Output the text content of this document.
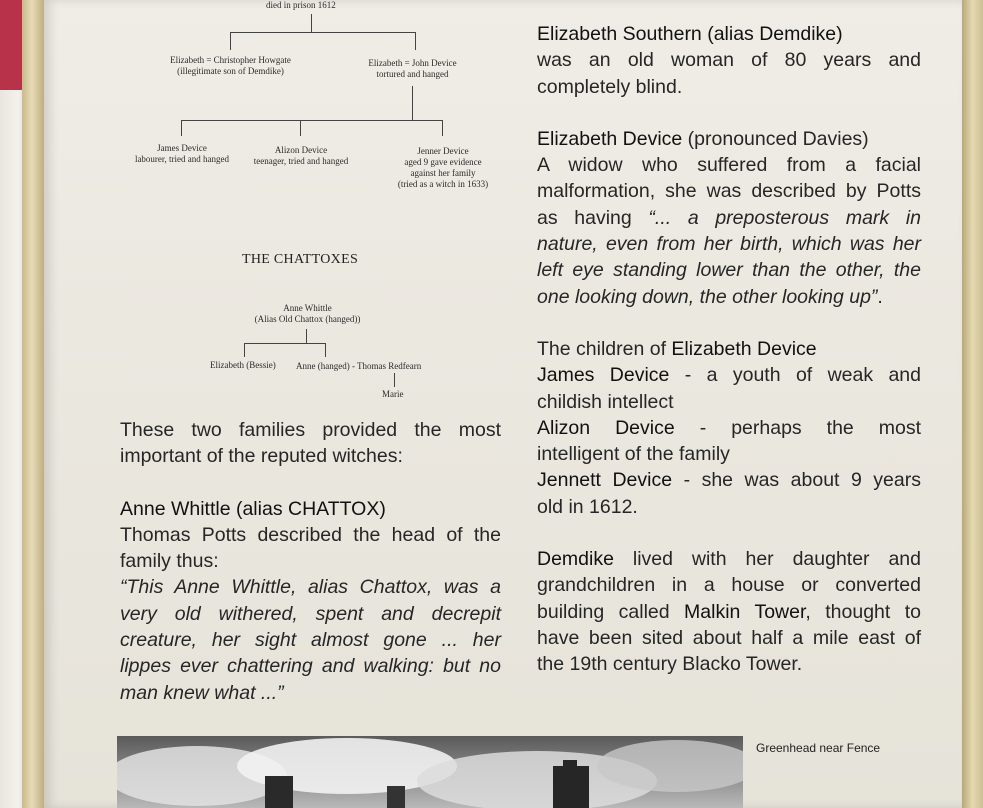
died in prison 1612
Elizabeth = Christopher Howgate
(illegitimate son of Demdike)
Elizabeth = John Device
tortured and hanged
James Device
labourer, tried and hanged
Alizon Device
teenager, tried and hanged
Jenner Device
aged 9 gave evidence
against her family
(tried as a witch in 1633)
THE CHATTOXES
Anne Whittle
(Alias Old Chattox (hanged))
Elizabeth (Bessie) Anne (hanged) - Thomas Redfearn
Marie

These two families provided the most

important of the reputed witches:

Anne Whittle (alias CHATTOX)

Thomas Potts described the head of the

family thus:

“This Anne Whittle, alias Chattox, was a

very old withered, spent and decrepit

creature, her sight almost gone ... her

lippes ever chattering and walking: but no

man knew what ...”

Elizabeth Southern (alias Demdike)

was an old woman of 80 years and

completely blind.

Elizabeth Device (pronounced Davies)

A widow who suffered from a facial

malformation, she was described by Potts

as having “... a preposterous mark in

nature, even from her birth, which was her

left eye standing lower than the other, the

one looking down, the other looking up”.

The children of Elizabeth Device

James Device - a youth of weak and

childish intellect

Alizon Device - perhaps the most

intelligent of the family

Jennett Device - she was about 9 years

old in 1612.

Demdike lived with her daughter and

grandchildren in a house or converted

building called Malkin Tower, thought to

have been sited about half a mile east of

the 19th century Blacko Tower.

Greenhead near Fence
